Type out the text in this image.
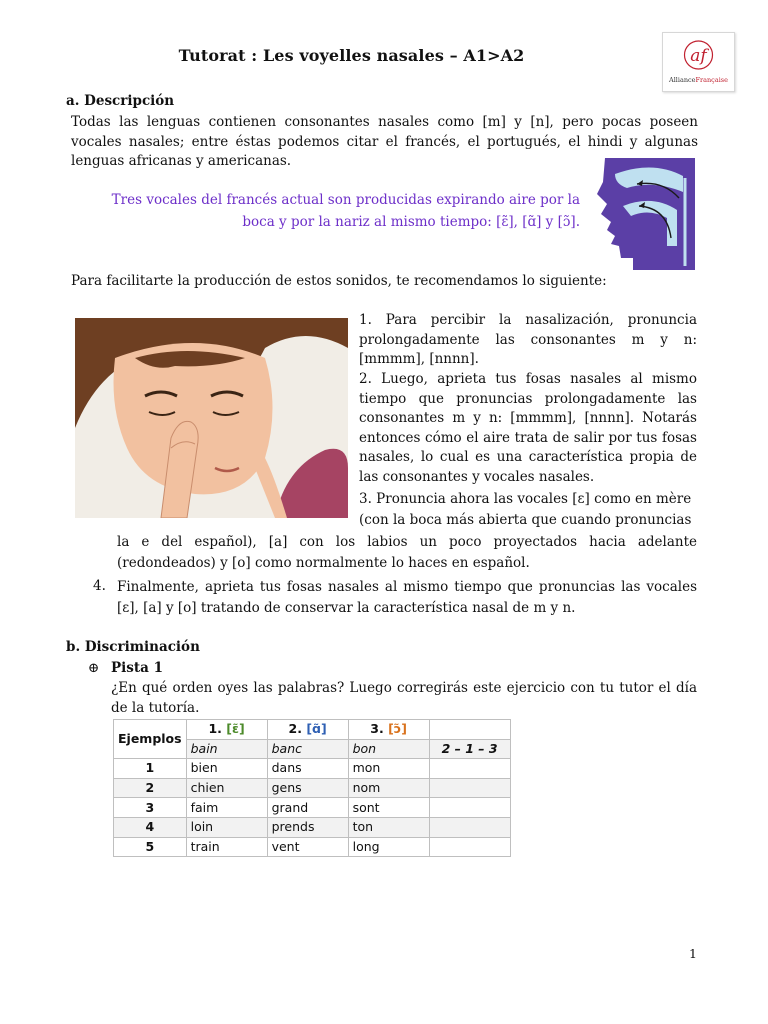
Tutorat : Les voyelles nasales – A1>A2	af
AllianceFrançaise
a. Descripción
Todas las lenguas contienen consonantes nasales como [m] y [n], pero pocas poseen vocales nasales; entre éstas podemos citar el francés, el portugués, el hindi y algunas lenguas africanas y americanas.
Tres vocales del francés actual son producidas expirando aire por la
boca y por la nariz al mismo tiempo: [ɛ̃], [ɑ̃] y [ɔ̃].
Para facilitarte la producción de estos sonidos, te recomendamos lo siguiente:
1. Para percibir la nasalización, pronuncia prolongadamente las consonantes m y n: [mmmm], [nnnn].
2. Luego, aprieta tus fosas nasales al mismo tiempo que pronuncias prolongadamente las consonantes m y n: [mmmm], [nnnn]. Notarás entonces cómo el aire trata de salir por tus fosas nasales, lo cual es una característica propia de las consonantes y vocales nasales.
3. Pronuncia ahora las vocales [ɛ] como en mère
(con la boca más abierta que cuando pronuncias
la e del español), [a] con los labios un poco proyectados hacia adelante (redondeados) y [o] como normalmente lo haces en español.
4. Finalmente, aprieta tus fosas nasales al mismo tiempo que pronuncias las vocales [ɛ], [a] y [o] tratando de conservar la característica nasal de m y n.
b. Discriminación
⊕ Pista 1
¿En qué orden oyes las palabras? Luego corregirás este ejercicio con tu tutor el día de la tutoría.
Ejemplos	1. [ɛ̃]	2. [ɑ̃]	3. [ɔ̃]	
	bain	banc	bon	2 – 1 – 3
1	bien	dans	mon	
2	chien	gens	nom	
3	faim	grand	sont	
4	loin	prends	ton	
5	train	vent	long	
1
